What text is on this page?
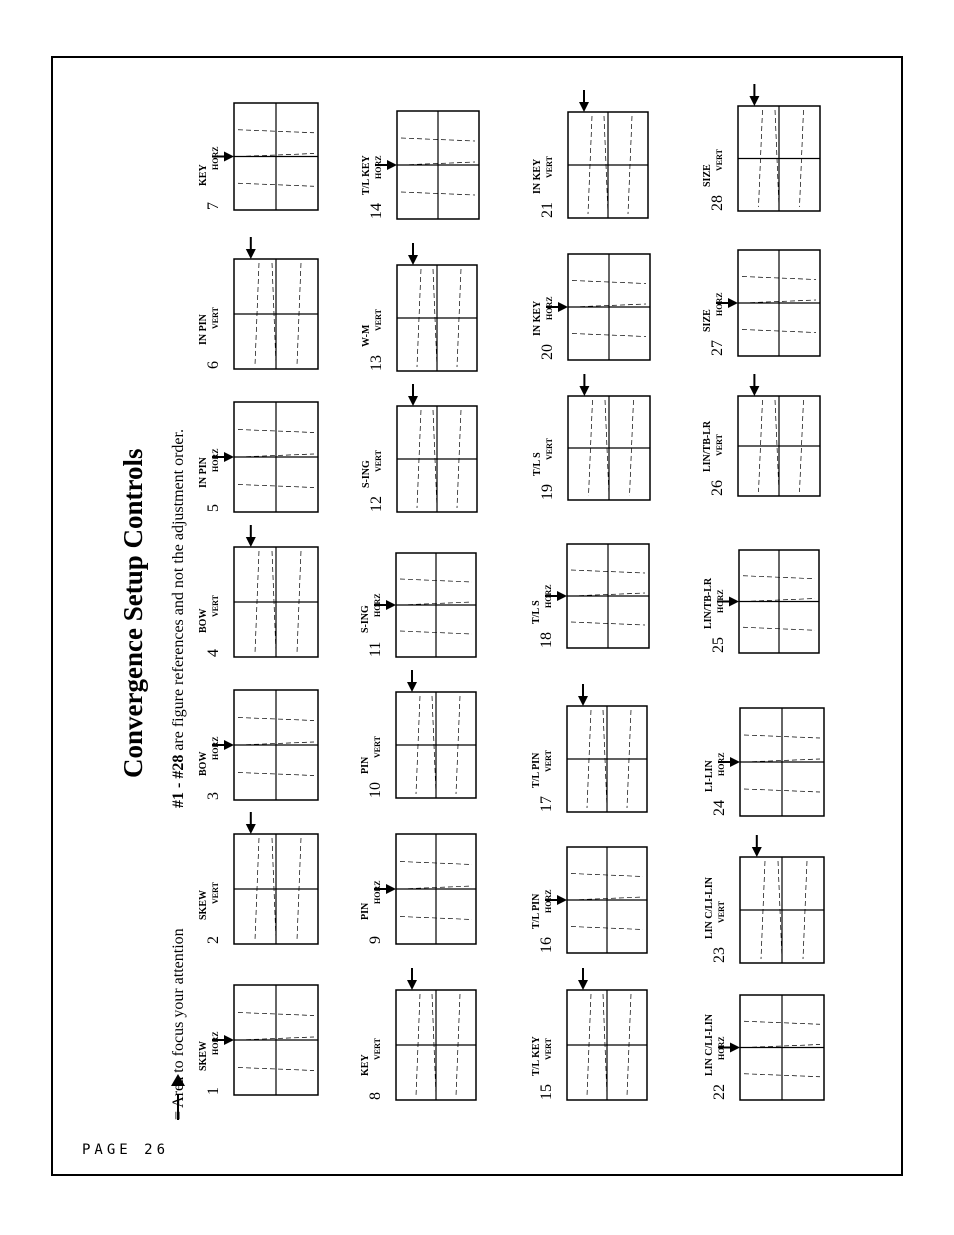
Convergence Setup Controls
#1 - #28 are figure references and not the adjustment order.
1
SKEW HORZ
2
SKEW VERT
3
BOW
HORZ
4
BOW
VERT
5
IN PIN HORZ
6
IN PIN VERT
7
KEY
HORZ
8
KEY
VERT
9
PIN
HORZ
10
PIN
VERT
11
S-ING HORZ
12
S-ING VERT
13
W-M
VERT
14
T/L KEY HORZ
15
T/L KEY VERT
16
T/L PIN HORZ
17
T/L PIN VERT
18
T/L S
HORZ
19
T/L S
VERT
20
IN KEY HORZ
21
IN KEY VERT
22
LIN C/LI-LIN HORZ
23
LIN C/LI-LIN VERT
24
LI-LIN HORZ
25
LIN/TB-LR HORZ
26
LIN/TB-LR VERT
27
SIZE
HORZ
28
SIZE
VERT
= Area to focus your attention
PAGE 26
